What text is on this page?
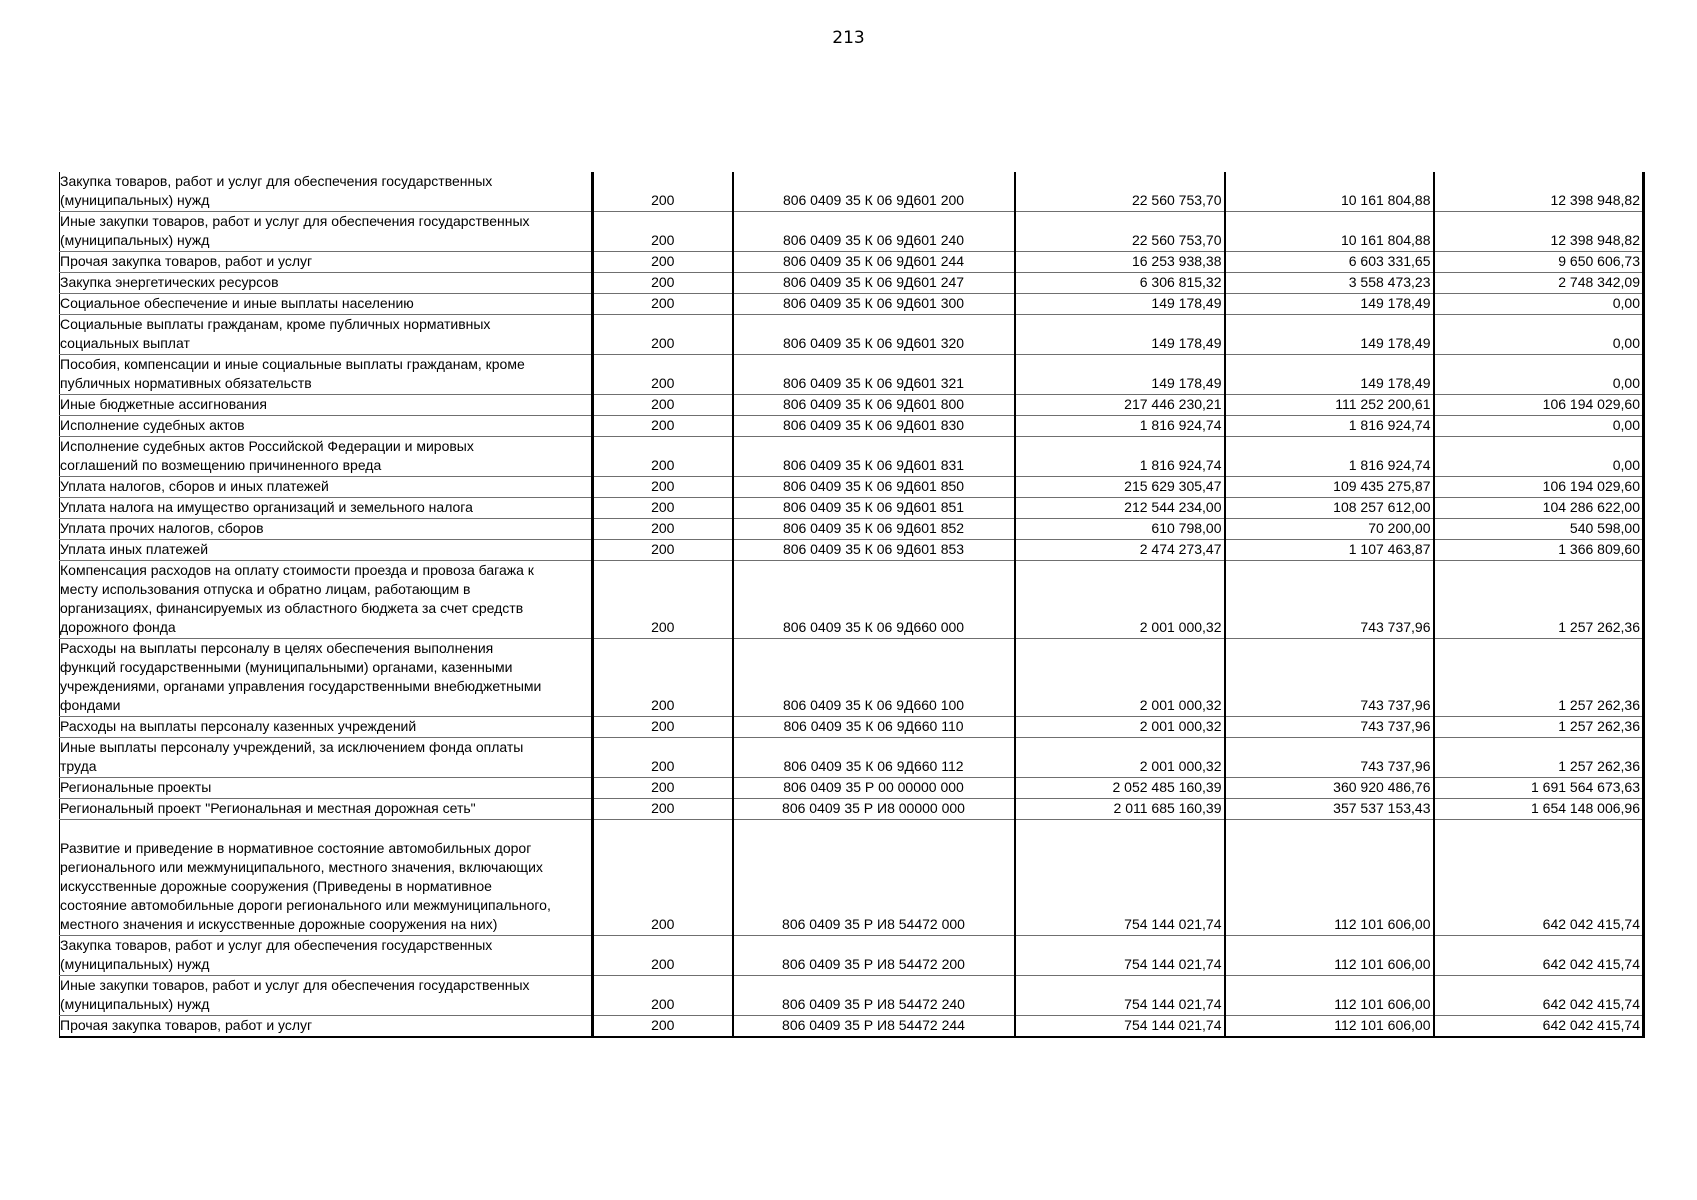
213
Закупка товаров, работ и услуг для обеспечения государственных
(муниципальных) нужд	200	806 0409 35 К 06 9Д601 200	22 560 753,70	10 161 804,88	12 398 948,82
Иные закупки товаров, работ и услуг для обеспечения государственных
(муниципальных) нужд	200	806 0409 35 К 06 9Д601 240	22 560 753,70	10 161 804,88	12 398 948,82
Прочая закупка товаров, работ и услуг	200	806 0409 35 К 06 9Д601 244	16 253 938,38	6 603 331,65	9 650 606,73
Закупка энергетических ресурсов	200	806 0409 35 К 06 9Д601 247	6 306 815,32	3 558 473,23	2 748 342,09
Социальное обеспечение и иные выплаты населению	200	806 0409 35 К 06 9Д601 300	149 178,49	149 178,49	0,00
Социальные выплаты гражданам, кроме публичных нормативных
социальных выплат	200	806 0409 35 К 06 9Д601 320	149 178,49	149 178,49	0,00
Пособия, компенсации и иные социальные выплаты гражданам, кроме
публичных нормативных обязательств	200	806 0409 35 К 06 9Д601 321	149 178,49	149 178,49	0,00
Иные бюджетные ассигнования	200	806 0409 35 К 06 9Д601 800	217 446 230,21	111 252 200,61	106 194 029,60
Исполнение судебных актов	200	806 0409 35 К 06 9Д601 830	1 816 924,74	1 816 924,74	0,00
Исполнение судебных актов Российской Федерации и мировых
соглашений по возмещению причиненного вреда	200	806 0409 35 К 06 9Д601 831	1 816 924,74	1 816 924,74	0,00
Уплата налогов, сборов и иных платежей	200	806 0409 35 К 06 9Д601 850	215 629 305,47	109 435 275,87	106 194 029,60
Уплата налога на имущество организаций и земельного налога	200	806 0409 35 К 06 9Д601 851	212 544 234,00	108 257 612,00	104 286 622,00
Уплата прочих налогов, сборов	200	806 0409 35 К 06 9Д601 852	610 798,00	70 200,00	540 598,00
Уплата иных платежей	200	806 0409 35 К 06 9Д601 853	2 474 273,47	1 107 463,87	1 366 809,60
Компенсация расходов на оплату стоимости проезда и провоза багажа к
месту использования отпуска и обратно лицам, работающим в
организациях, финансируемых из областного бюджета за счет средств
дорожного фонда	200	806 0409 35 К 06 9Д660 000	2 001 000,32	743 737,96	1 257 262,36
Расходы на выплаты персоналу в целях обеспечения выполнения
функций государственными (муниципальными) органами, казенными
учреждениями, органами управления государственными внебюджетными
фондами	200	806 0409 35 К 06 9Д660 100	2 001 000,32	743 737,96	1 257 262,36
Расходы на выплаты персоналу казенных учреждений	200	806 0409 35 К 06 9Д660 110	2 001 000,32	743 737,96	1 257 262,36
Иные выплаты персоналу учреждений, за исключением фонда оплаты
труда	200	806 0409 35 К 06 9Д660 112	2 001 000,32	743 737,96	1 257 262,36
Региональные проекты	200	806 0409 35 Р 00 00000 000	2 052 485 160,39	360 920 486,76	1 691 564 673,63
Региональный проект "Региональная и местная дорожная сеть"	200	806 0409 35 Р И8 00000 000	2 011 685 160,39	357 537 153,43	1 654 148 006,96

Развитие и приведение в нормативное состояние автомобильных дорог
регионального или межмуниципального, местного значения, включающих
искусственные дорожные сооружения (Приведены в нормативное
состояние автомобильные дороги регионального или межмуниципального,
местного значения и искусственные дорожные сооружения на них)	200	806 0409 35 Р И8 54472 000	754 144 021,74	112 101 606,00	642 042 415,74
Закупка товаров, работ и услуг для обеспечения государственных
(муниципальных) нужд	200	806 0409 35 Р И8 54472 200	754 144 021,74	112 101 606,00	642 042 415,74
Иные закупки товаров, работ и услуг для обеспечения государственных
(муниципальных) нужд	200	806 0409 35 Р И8 54472 240	754 144 021,74	112 101 606,00	642 042 415,74
Прочая закупка товаров, работ и услуг	200	806 0409 35 Р И8 54472 244	754 144 021,74	112 101 606,00	642 042 415,74
